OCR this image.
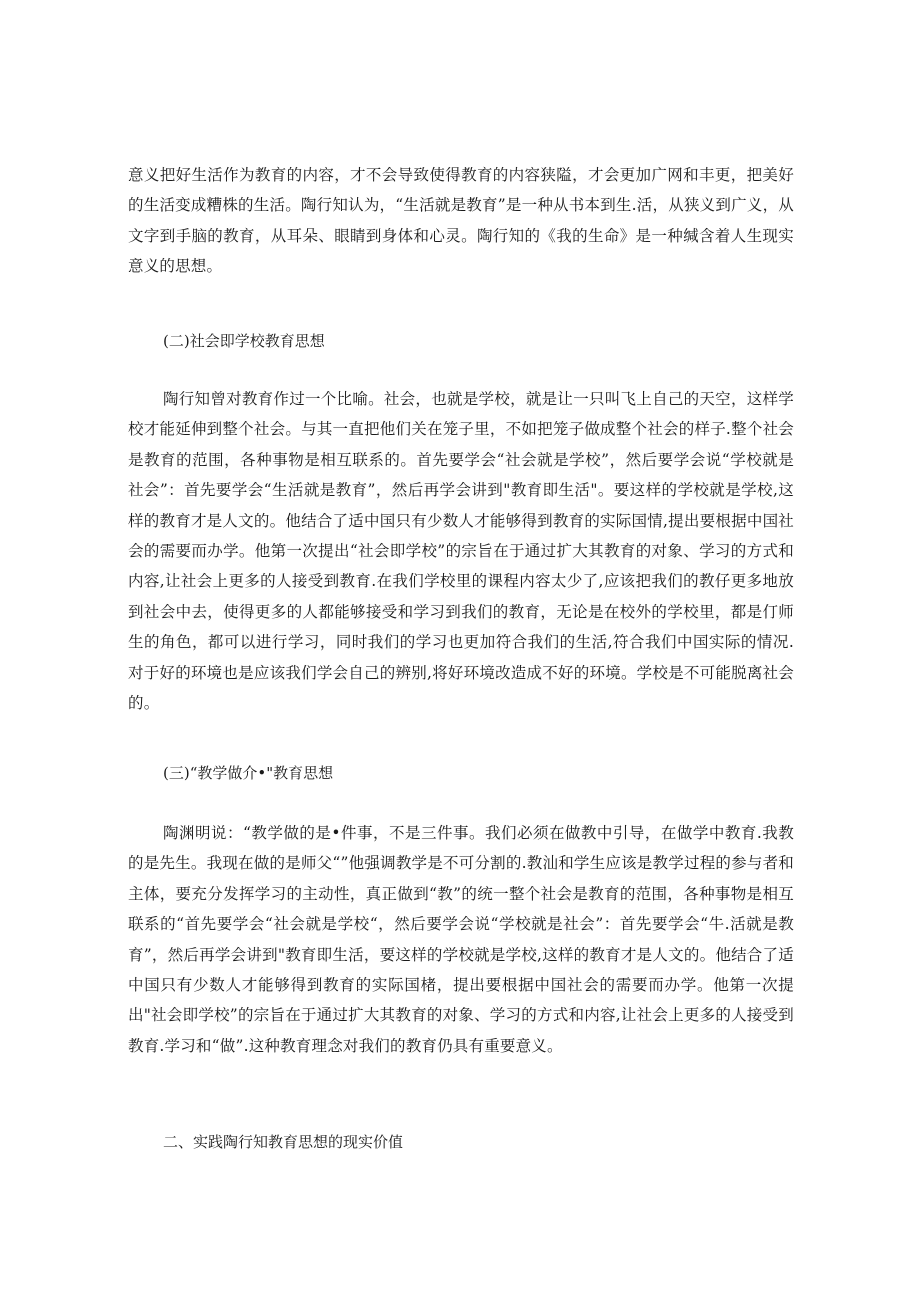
意义把好生活作为教育的内容，才不会导致使得教育的内容狭隘，才会更加广网和丰更，把美好的生活变成糟株的生活。陶行知认为，“生活就是教育”是一种从书本到生.活，从狭义到广义，从文字到手脑的教育，从耳朵、眼睛到身体和心灵。陶行知的《我的生命》是一种缄含着人生现实意义的思想。

(二)社会即学校教育思想

陶行知曾对教育作过一个比喻。社会，也就是学校，就是让一只叫飞上自己的天空，这样学校才能延伸到整个社会。与其一直把他们关在笼子里，不如把笼子做成整个社会的样子.整个社会是教育的范围，各种事物是相互联系的。首先要学会“社会就是学校”，然后要学会说“学校就是社会”：首先要学会“生活就是教育”，然后再学会讲到"教育即生活"。要这样的学校就是学校,这样的教育才是人文的。他结合了适中国只有少数人才能够得到教育的实际国情,提出要根据中国社会的需要而办学。他第一次提出“社会即学校”的宗旨在于通过扩大其教育的对象、学习的方式和内容,让社会上更多的人接受到教育.在我们学校里的课程内容太少了,应该把我们的教仔更多地放到社会中去，使得更多的人都能够接受和学习到我们的教育，无论是在校外的学校里，都是仃师生的角色，都可以进行学习，同时我们的学习也更加符合我们的生活,符合我们中国实际的情况.对于好的环境也是应该我们学会自己的辨别,将好环境改造成不好的环境。学校是不可能脱离社会的。

(三)“教学做介•"教育思想

陶渊明说：“教学做的是•件事，不是三件事。我们必须在做教中引导，在做学中教育.我教的是先生。我现在做的是师父“”他强调教学是不可分割的.教汕和学生应该是教学过程的参与者和主体，要充分发挥学习的主动性，真正做到“教”的统一整个社会是教育的范围，各种事物是相互联系的“首先要学会“社会就是学校“，然后要学会说“学校就是社会”：首先要学会“牛.活就是教育”，然后再学会讲到"教育即生活，要这样的学校就是学校,这样的教育才是人文的。他结合了适中国只有少数人才能够得到教育的实际国楮，提出要根据中国社会的需要而办学。他第一次提出"社会即学校”的宗旨在于通过扩大其教育的对象、学习的方式和内容,让社会上更多的人接受到教育.学习和“做”.这种教育理念对我们的教育仍具有重要意义。

二、实践陶行知教育思想的现实价值
